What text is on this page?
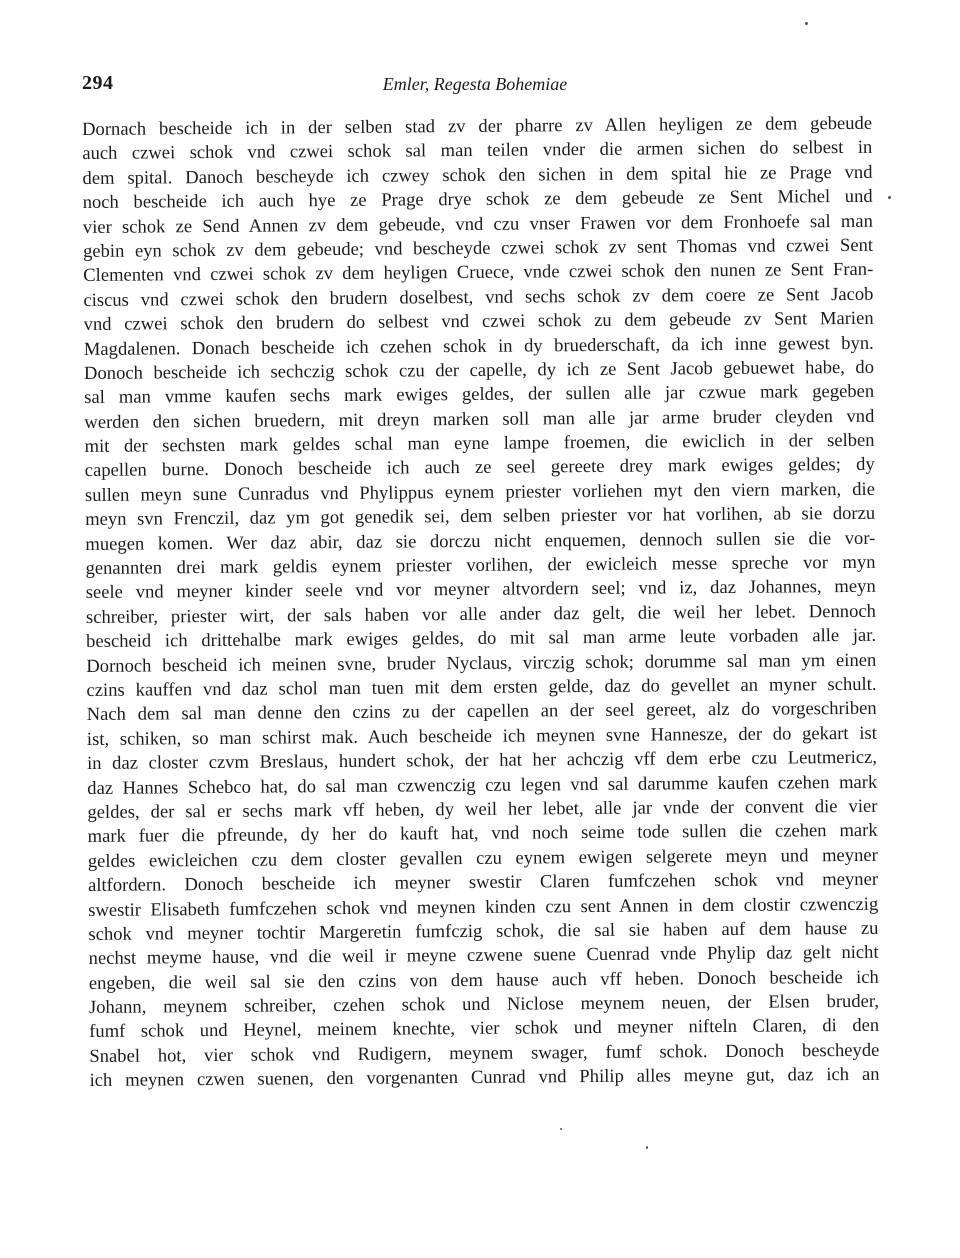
294	Emler, Regesta Bohemiae
Dornach bescheide ich in der selben stad zv der pharre zv Allen heyligen ze dem gebeude
auch czwei schok vnd czwei schok sal man teilen vnder die armen sichen do selbest in
dem spital. Danoch bescheyde ich czwey schok den sichen in dem spital hie ze Prage vnd
noch bescheide ich auch hye ze Prage drye schok ze dem gebeude ze Sent Michel und
vier schok ze Send Annen zv dem gebeude, vnd czu vnser Frawen vor dem Fronhoefe sal man
gebin eyn schok zv dem gebeude; vnd bescheyde czwei schok zv sent Thomas vnd czwei Sent
Clementen vnd czwei schok zv dem heyligen Cruece, vnde czwei schok den nunen ze Sent Fran-
ciscus vnd czwei schok den brudern doselbest, vnd sechs schok zv dem coere ze Sent Jacob
vnd czwei schok den brudern do selbest vnd czwei schok zu dem gebeude zv Sent Marien
Magdalenen. Donach bescheide ich czehen schok in dy bruederschaft, da ich inne gewest byn.
Donoch bescheide ich sechczig schok czu der capelle, dy ich ze Sent Jacob gebuewet habe, do
sal man vmme kaufen sechs mark ewiges geldes, der sullen alle jar czwue mark gegeben
werden den sichen bruedern, mit dreyn marken soll man alle jar arme bruder cleyden vnd
mit der sechsten mark geldes schal man eyne lampe froemen, die ewiclich in der selben
capellen burne. Donoch bescheide ich auch ze seel gereete drey mark ewiges geldes; dy
sullen meyn sune Cunradus vnd Phylippus eynem priester vorliehen myt den viern marken, die
meyn svn Frenczil, daz ym got genedik sei, dem selben priester vor hat vorlihen, ab sie dorzu
muegen komen. Wer daz abir, daz sie dorczu nicht enquemen, dennoch sullen sie die vor-
genannten drei mark geldis eynem priester vorlihen, der ewicleich messe spreche vor myn
seele vnd meyner kinder seele vnd vor meyner altvordern seel; vnd iz, daz Johannes, meyn
schreiber, priester wirt, der sals haben vor alle ander daz gelt, die weil her lebet. Dennoch
bescheid ich drittehalbe mark ewiges geldes, do mit sal man arme leute vorbaden alle jar.
Dornoch bescheid ich meinen svne, bruder Nyclaus, virczig schok; dorumme sal man ym einen
czins kauffen vnd daz schol man tuen mit dem ersten gelde, daz do gevellet an myner schult.
Nach dem sal man denne den czins zu der capellen an der seel gereet, alz do vorgeschriben
ist, schiken, so man schirst mak. Auch bescheide ich meynen svne Hannesze, der do gekart ist
in daz closter czvm Breslaus, hundert schok, der hat her achczig vff dem erbe czu Leutmericz,
daz Hannes Schebco hat, do sal man czwenczig czu legen vnd sal darumme kaufen czehen mark
geldes, der sal er sechs mark vff heben, dy weil her lebet, alle jar vnde der convent die vier
mark fuer die pfreunde, dy her do kauft hat, vnd noch seime tode sullen die czehen mark
geldes ewicleichen czu dem closter gevallen czu eynem ewigen selgerete meyn und meyner
altfordern. Donoch bescheide ich meyner swestir Claren fumfczehen schok vnd meyner
swestir Elisabeth fumfczehen schok vnd meynen kinden czu sent Annen in dem clostir czwenczig
schok vnd meyner tochtir Margeretin fumfczig schok, die sal sie haben auf dem hause zu
nechst meyme hause, vnd die weil ir meyne czwene suene Cuenrad vnde Phylip daz gelt nicht
engeben, die weil sal sie den czins von dem hause auch vff heben. Donoch bescheide ich
Johann, meynem schreiber, czehen schok und Niclose meynem neuen, der Elsen bruder,
fumf schok und Heynel, meinem knechte, vier schok und meyner nifteln Claren, di den
Snabel hot, vier schok vnd Rudigern, meynem swager, fumf schok. Donoch bescheyde
ich meynen czwen suenen, den vorgenanten Cunrad vnd Philip alles meyne gut, daz ich an
